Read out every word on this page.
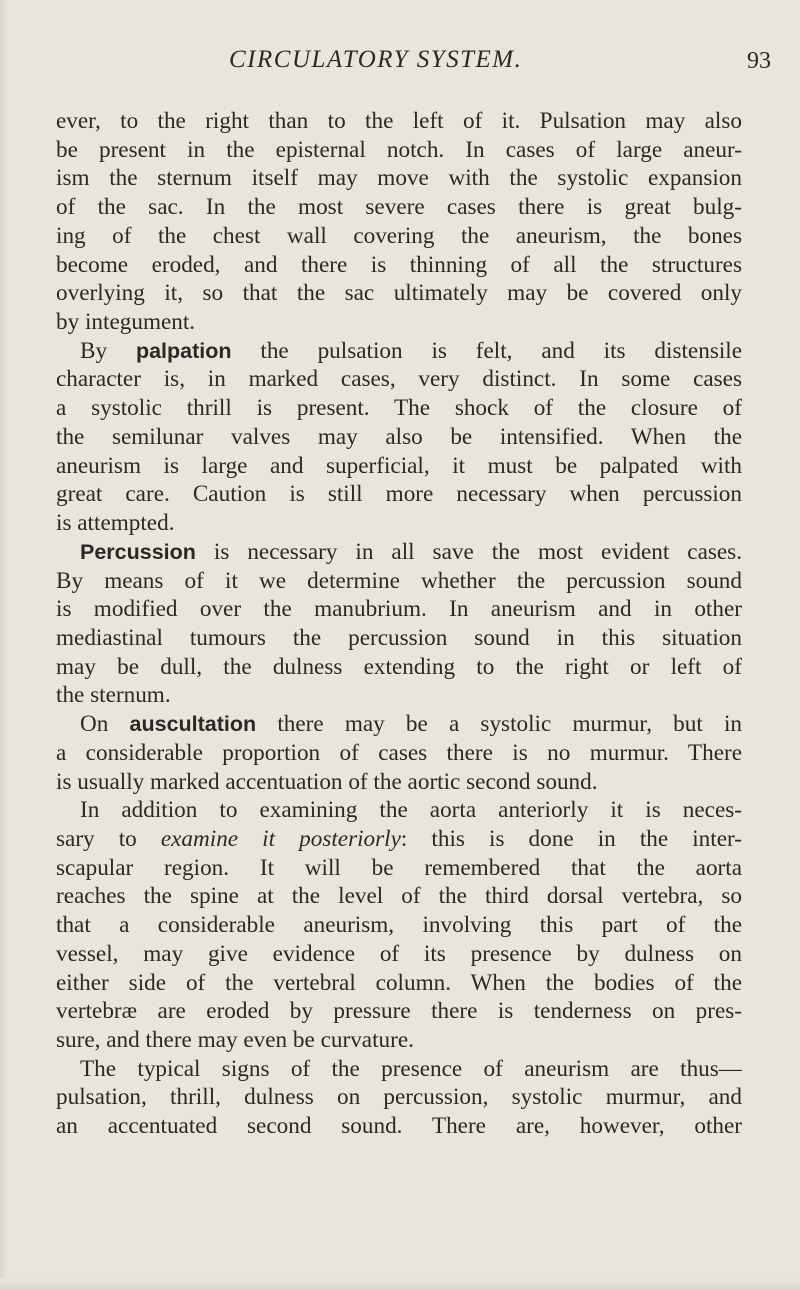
CIRCULATORY SYSTEM.	93
ever, to the right than to the left of it. Pulsation may also
be present in the episternal notch. In cases of large aneur-
ism the sternum itself may move with the systolic expansion
of the sac. In the most severe cases there is great bulg-
ing of the chest wall covering the aneurism, the bones
become eroded, and there is thinning of all the structures
overlying it, so that the sac ultimately may be covered only
by integument.
By palpation the pulsation is felt, and its distensile
character is, in marked cases, very distinct. In some cases
a systolic thrill is present. The shock of the closure of
the semilunar valves may also be intensified. When the
aneurism is large and superficial, it must be palpated with
great care. Caution is still more necessary when percussion
is attempted.
Percussion is necessary in all save the most evident cases.
By means of it we determine whether the percussion sound
is modified over the manubrium. In aneurism and in other
mediastinal tumours the percussion sound in this situation
may be dull, the dulness extending to the right or left of
the sternum.
On auscultation there may be a systolic murmur, but in
a considerable proportion of cases there is no murmur. There
is usually marked accentuation of the aortic second sound.
In addition to examining the aorta anteriorly it is neces-
sary to examine it posteriorly: this is done in the inter-
scapular region. It will be remembered that the aorta
reaches the spine at the level of the third dorsal vertebra, so
that a considerable aneurism, involving this part of the
vessel, may give evidence of its presence by dulness on
either side of the vertebral column. When the bodies of the
vertebræ are eroded by pressure there is tenderness on pres-
sure, and there may even be curvature.
The typical signs of the presence of aneurism are thus—
pulsation, thrill, dulness on percussion, systolic murmur, and
an accentuated second sound. There are, however, other
